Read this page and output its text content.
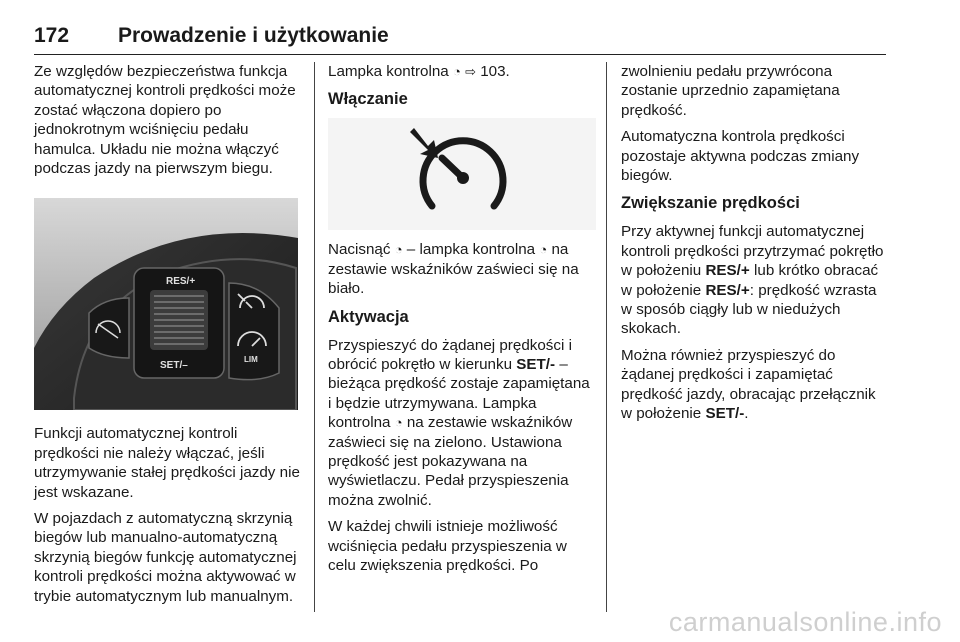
172 Prowadzenie i użytkowanie

Ze względów bezpieczeństwa funkcja automatycznej kontroli prędkości może zostać włączona dopiero po jednokrotnym wciśnięciu pedału hamulca. Układu nie można włączyć podczas jazdy na pierwszym biegu.

RES/+
SET/–
LIM

Funkcji automatycznej kontroli prędkości nie należy włączać, jeśli utrzymywanie stałej prędkości jazdy nie jest wskazane.

W pojazdach z automatyczną skrzynią biegów lub manualno-automatyczną skrzynią biegów funkcję automatycznej kontroli prędkości można aktywować w trybie automatycznym lub manualnym.

Lampka kontrolna ◔ ⇨ 103.

Włączanie

Nacisnąć ◔ – lampka kontrolna ◔ na zestawie wskaźników zaświeci się na biało.

Aktywacja

Przyspieszyć do żądanej prędkości i obrócić pokrętło w kierunku SET/- – bieżąca prędkość zostaje zapamiętana i będzie utrzymywana. Lampka kontrolna ◔ na zestawie wskaźników zaświeci się na zielono. Ustawiona prędkość jest pokazywana na wyświetlaczu. Pedał przyspieszenia można zwolnić.

W każdej chwili istnieje możliwość wciśnięcia pedału przyspieszenia w celu zwiększenia prędkości. Po

zwolnieniu pedału przywrócona zostanie uprzednio zapamiętana prędkość.

Automatyczna kontrola prędkości pozostaje aktywna podczas zmiany biegów.

Zwiększanie prędkości

Przy aktywnej funkcji automatycznej kontroli prędkości przytrzymać pokrętło w położeniu RES/+ lub krótko obracać w położenie RES/+: prędkość wzrasta w sposób ciągły lub w niedużych skokach.

Można również przyspieszyć do żądanej prędkości i zapamiętać prędkość jazdy, obracając przełącznik w położenie SET/-.

carmanualsonline.info
